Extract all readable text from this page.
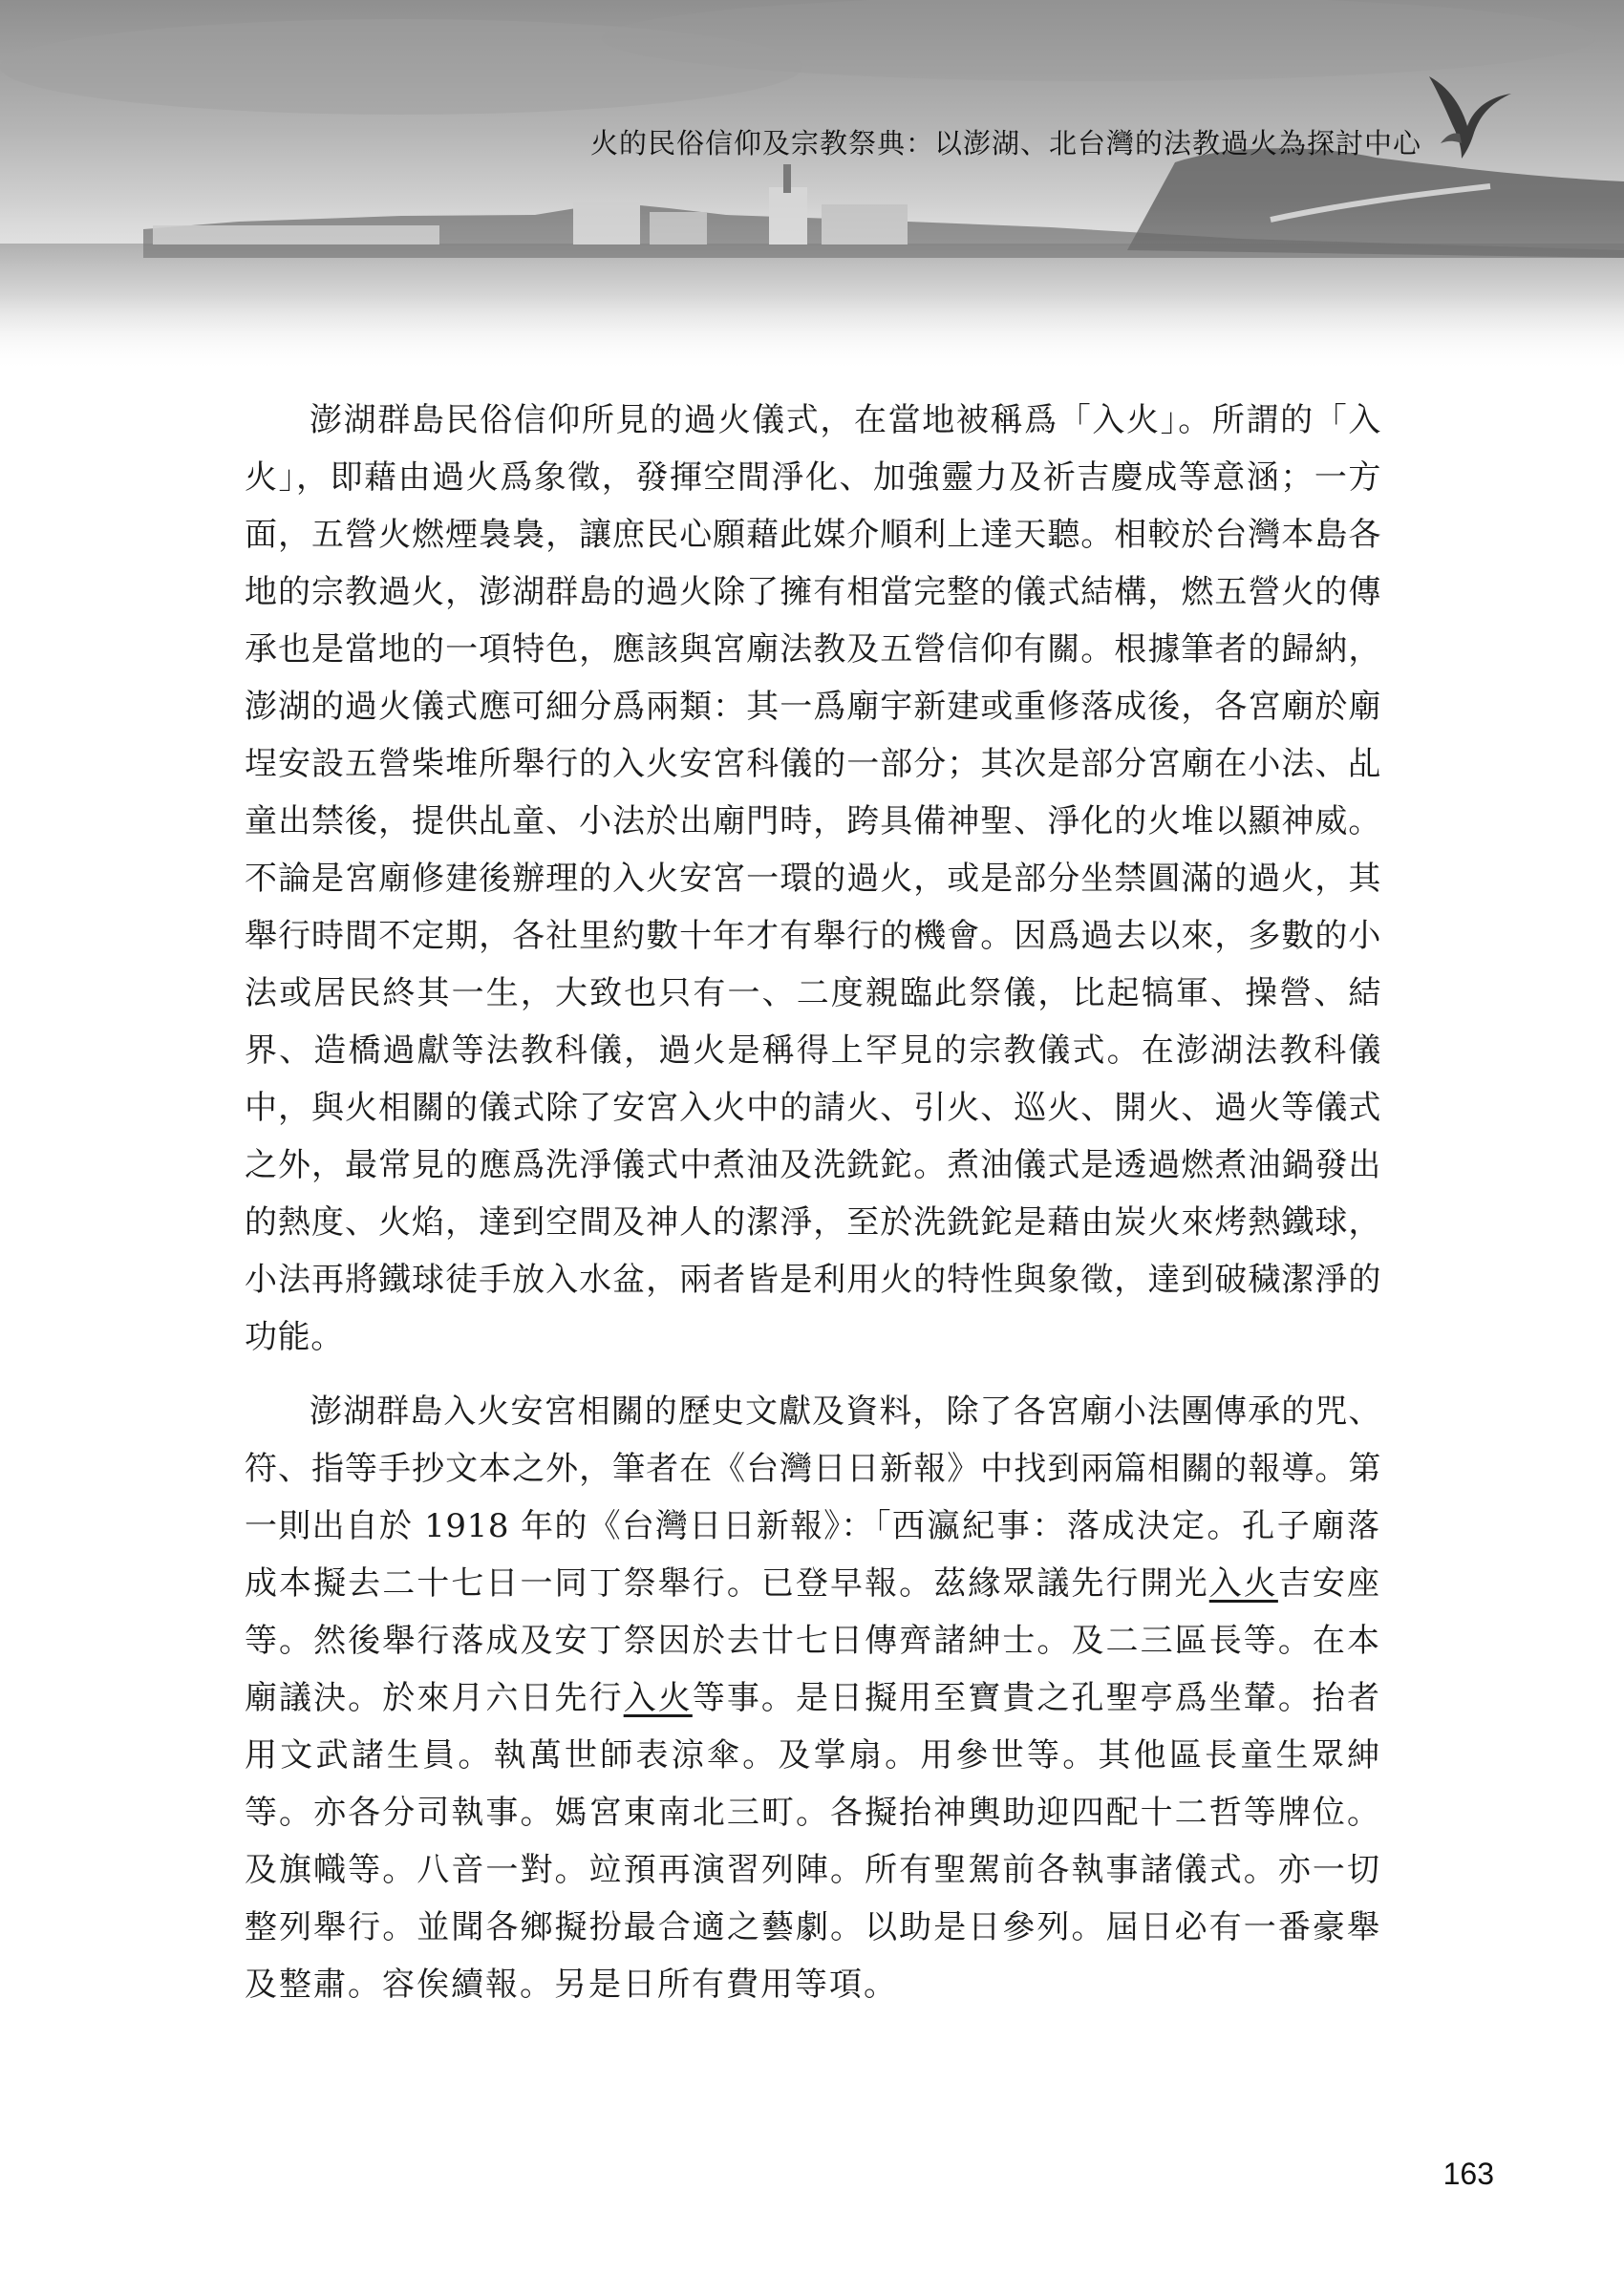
火的民俗信仰及宗教祭典：以澎湖、北台灣的法教過火為探討中心

澎湖群島民俗信仰所見的過火儀式，在當地被稱爲「入火」。所謂的「入火」，即藉由過火爲象徵，發揮空間淨化、加強靈力及祈吉慶成等意涵；一方面，五營火燃煙裊裊，讓庶民心願藉此媒介順利上達天聽。相較於台灣本島各地的宗教過火，澎湖群島的過火除了擁有相當完整的儀式結構，燃五營火的傳承也是當地的一項特色，應該與宮廟法教及五營信仰有關。根據筆者的歸納，澎湖的過火儀式應可細分爲兩類：其一爲廟宇新建或重修落成後，各宮廟於廟埕安設五營柴堆所舉行的入火安宮科儀的一部分；其次是部分宮廟在小法、乩童出禁後，提供乩童、小法於出廟門時，跨具備神聖、淨化的火堆以顯神威。不論是宮廟修建後辦理的入火安宮一環的過火，或是部分坐禁圓滿的過火，其舉行時間不定期，各社里約數十年才有舉行的機會。因爲過去以來，多數的小法或居民終其一生，大致也只有一、二度親臨此祭儀，比起犒軍、操營、結界、造橋過獻等法教科儀，過火是稱得上罕見的宗教儀式。在澎湖法教科儀中，與火相關的儀式除了安宮入火中的請火、引火、巡火、開火、過火等儀式之外，最常見的應爲洗淨儀式中煮油及洗銑鉈。煮油儀式是透過燃煮油鍋發出的熱度、火焰，達到空間及神人的潔淨，至於洗銑鉈是藉由炭火來烤熱鐵球，小法再將鐵球徒手放入水盆，兩者皆是利用火的特性與象徵，達到破穢潔淨的功能。

澎湖群島入火安宮相關的歷史文獻及資料，除了各宮廟小法團傳承的咒、符、指等手抄文本之外，筆者在《台灣日日新報》中找到兩篇相關的報導。第一則出自於 1918 年的《台灣日日新報》：「西瀛紀事：落成決定。孔子廟落成本擬去二十七日一同丁祭舉行。已登早報。茲緣眾議先行開光入火吉安座等。然後舉行落成及安丁祭因於去廿七日傳齊諸紳士。及二三區長等。在本廟議決。於來月六日先行入火等事。是日擬用至寶貴之孔聖亭爲坐輦。抬者用文武諸生員。執萬世師表涼傘。及掌扇。用參世等。其他區長童生眾紳等。亦各分司執事。媽宮東南北三町。各擬抬神輿助迎四配十二哲等牌位。及旗幟等。八音一對。竝預再演習列陣。所有聖駕前各執事諸儀式。亦一切整列舉行。並聞各鄉擬扮最合適之藝劇。以助是日參列。屆日必有一番豪舉及整肅。容俟續報。另是日所有費用等項。

163
